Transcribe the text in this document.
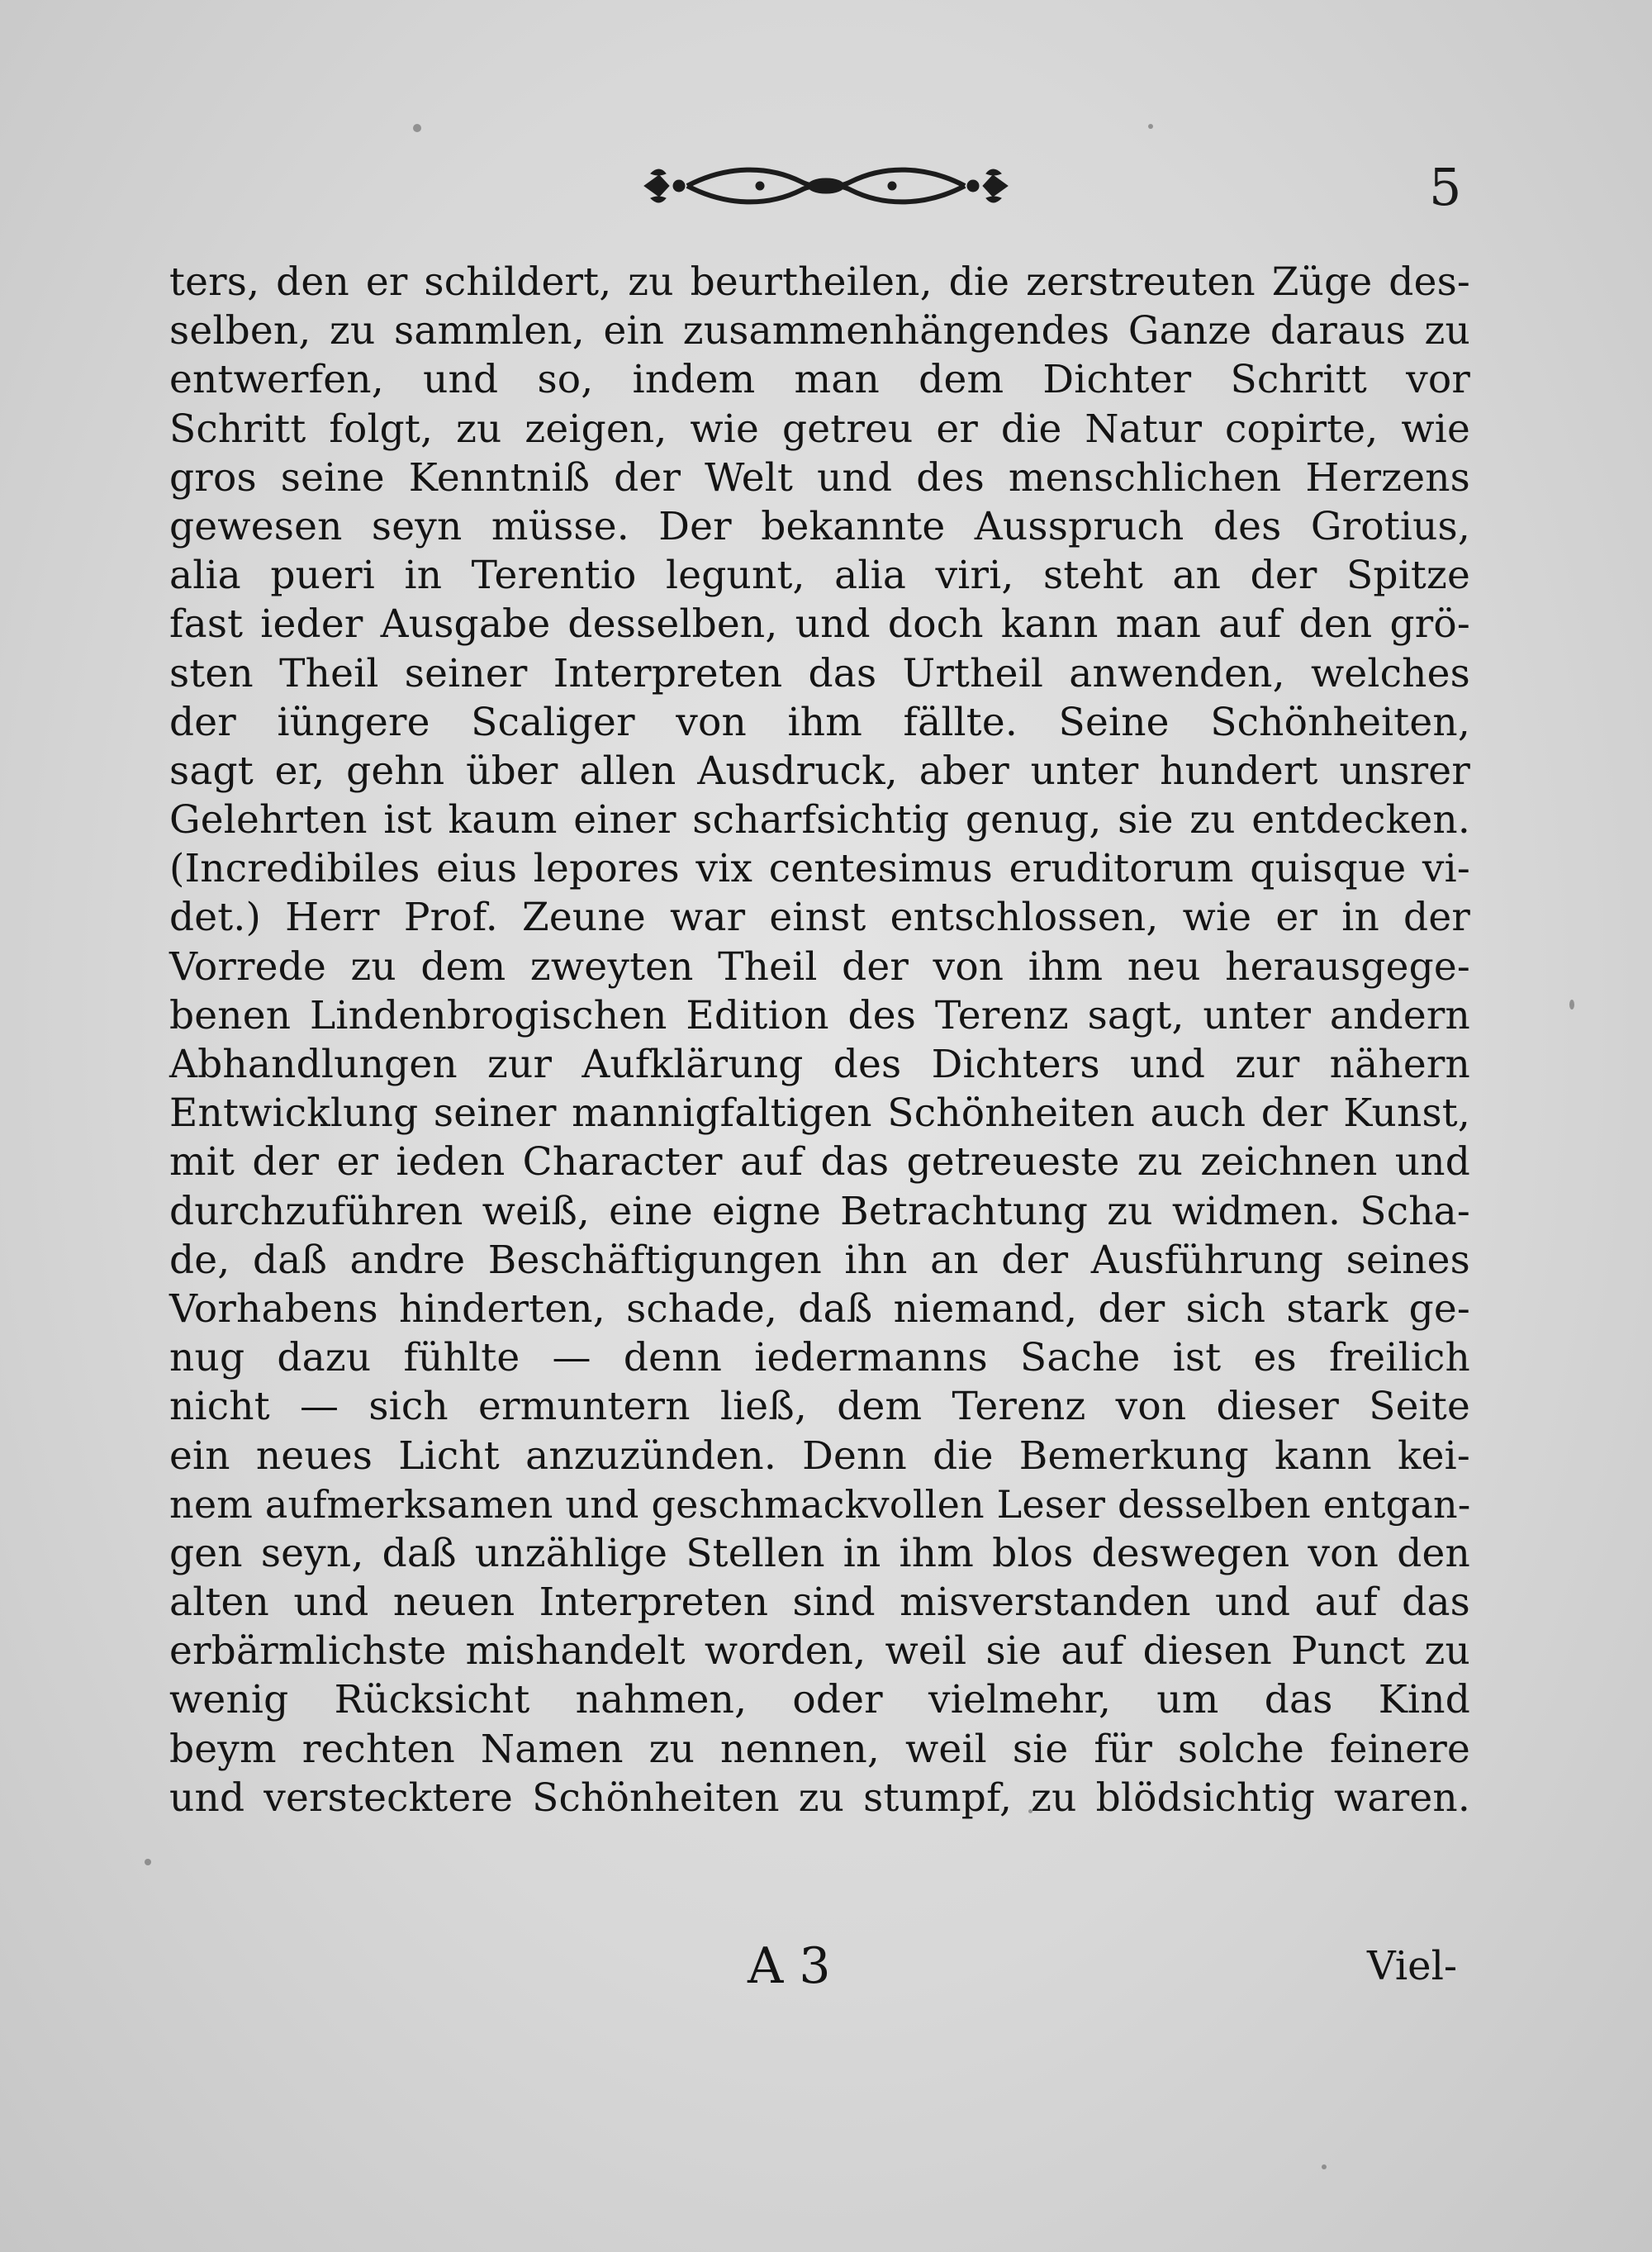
5
ters, den er schildert, zu beurtheilen, die zerstreuten Züge des-
selben, zu sammlen, ein zusammenhängendes Ganze daraus zu
entwerfen, und so, indem man dem Dichter Schritt vor
Schritt folgt, zu zeigen, wie getreu er die Natur copirte, wie
gros seine Kenntniß der Welt und des menschlichen Herzens
gewesen seyn müsse. Der bekannte Ausspruch des Grotius,
alia pueri in Terentio legunt, alia viri, steht an der Spitze
fast ieder Ausgabe desselben, und doch kann man auf den grö-
sten Theil seiner Interpreten das Urtheil anwenden, welches
der iüngere Scaliger von ihm fällte. Seine Schönheiten,
sagt er, gehn über allen Ausdruck, aber unter hundert unsrer
Gelehrten ist kaum einer scharfsichtig genug, sie zu entdecken.
(Incredibiles eius lepores vix centesimus eruditorum quisque vi-
det.) Herr Prof. Zeune war einst entschlossen, wie er in der
Vorrede zu dem zweyten Theil der von ihm neu herausgege-
benen Lindenbrogischen Edition des Terenz sagt, unter andern
Abhandlungen zur Aufklärung des Dichters und zur nähern
Entwicklung seiner mannigfaltigen Schönheiten auch der Kunst,
mit der er ieden Character auf das getreueste zu zeichnen und
durchzuführen weiß, eine eigne Betrachtung zu widmen. Scha-
de, daß andre Beschäftigungen ihn an der Ausführung seines
Vorhabens hinderten, schade, daß niemand, der sich stark ge-
nug dazu fühlte — denn iedermanns Sache ist es freilich
nicht — sich ermuntern ließ, dem Terenz von dieser Seite
ein neues Licht anzuzünden. Denn die Bemerkung kann kei-
nem aufmerksamen und geschmackvollen Leser desselben entgan-
gen seyn, daß unzählige Stellen in ihm blos deswegen von den
alten und neuen Interpreten sind misverstanden und auf das
erbärmlichste mishandelt worden, weil sie auf diesen Punct zu
wenig Rücksicht nahmen, oder vielmehr, um das Kind
beym rechten Namen zu nennen, weil sie für solche feinere
und verstecktere Schönheiten zu stumpf, zu blödsichtig waren.
A 3	Viel-
